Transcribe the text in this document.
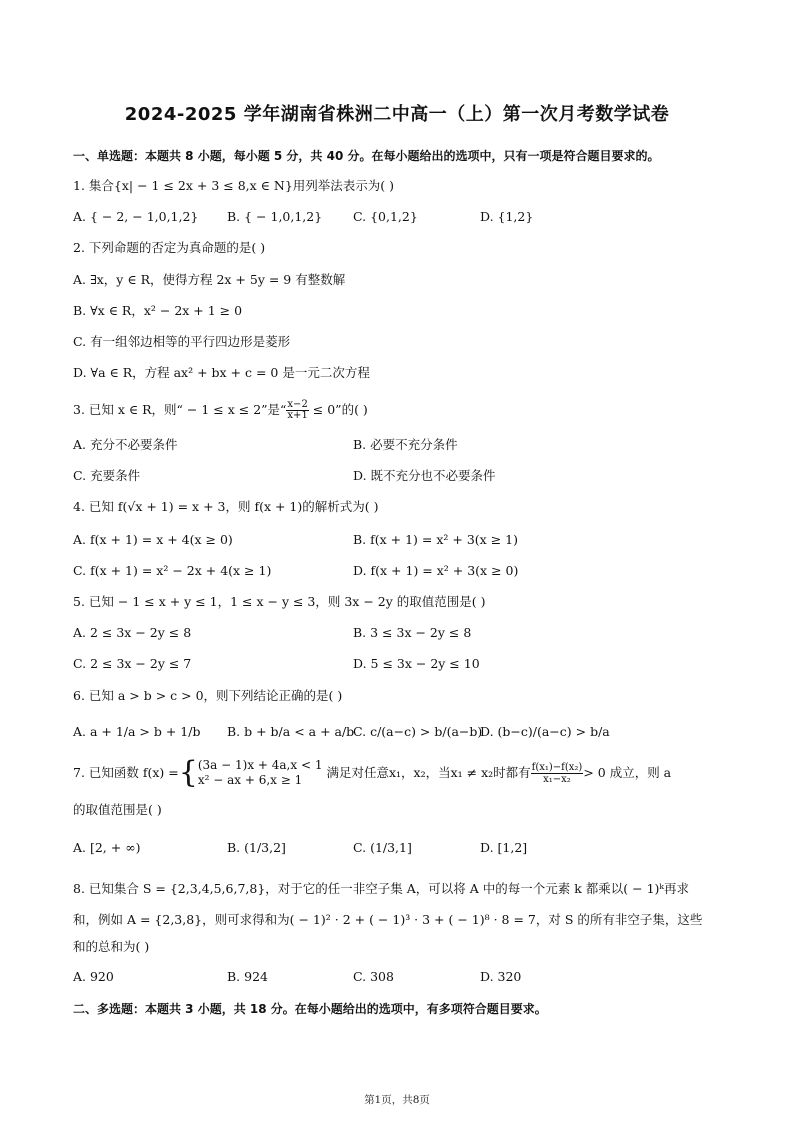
2024-2025 学年湖南省株洲二中高一（上）第一次月考数学试卷
一、单选题：本题共 8 小题，每小题 5 分，共 40 分。在每小题给出的选项中，只有一项是符合题目要求的。
1. 集合{x| − 1 ≤ 2x + 3 ≤ 8,x ∈ N}用列举法表示为( )
A. { − 2, − 1,0,1,2} B. { − 1,0,1,2} C. {0,1,2}	D. {1,2}
2. 下列命题的否定为真命题的是( )
A. ∃x，y ∈ R，使得方程 2x + 5y = 9 有整数解
B. ∀x ∈ R，x² − 2x + 1 ≥ 0
C. 有一组邻边相等的平行四边形是菱形
D. ∀a ∈ R，方程 ax² + bx + c = 0 是一元二次方程
3. 已知 x ∈ R，则“ − 1 ≤ x ≤ 2”是“ $\frac{x-2}{x+1} \le 0$”的( )
A. 充分不必要条件	B. 必要不充分条件
C. 充要条件	D. 既不充分也不必要条件
4. 已知 f(√x + 1) = x + 3，则 f(x + 1)的解析式为( )
A. f(x + 1) = x + 4(x ≥ 0)	B. f(x + 1) = x² + 3(x ≥ 1)
C. f(x + 1) = x² − 2x + 4(x ≥ 1)	D. f(x + 1) = x² + 3(x ≥ 0)
5. 已知 − 1 ≤ x + y ≤ 1，1 ≤ x − y ≤ 3，则 3x − 2y 的取值范围是( )
A. 2 ≤ 3x − 2y ≤ 8	B. 3 ≤ 3x − 2y ≤ 8
C. 2 ≤ 3x − 2y ≤ 7	D. 5 ≤ 3x − 2y ≤ 10
6. 已知 a > b > c > 0，则下列结论正确的是( )
A. a + 1/a > b + 1/b B. b + b/a < a + a/b
C. c/(a−c) > b/(a−b)
D. (b−c)/(a−c) > b/a
7. 已知函数 f(x) ={ (3a − 1)x + 4a,x < 1
x² − ax + 6,x ≥ 1	满足对任意x₁，x₂，当x₁ ≠ x₂时都有 $\frac{\text{f(x₁)−f(x₂)}}{\text{x₁−x₂}} > 0$ 成立，则 a
的取值范围是( )
A. [2, + ∞)	B. (1/3,2]	C. (1/3,1]	D. [1,2]
8. 已知集合 S = {2,3,4,5,6,7,8}，对于它的任一非空子集 A，可以将 A 中的每一个元素 k 都乘以( − 1)ᵏ再求
和，例如 A = {2,3,8}，则可求得和为( − 1)² · 2 + ( − 1)³ · 3 + ( − 1)⁸ · 8 = 7，对 S 的所有非空子集，这些
和的总和为( )
A. 920	B. 924	C. 308	D. 320
二、多选题：本题共 3 小题，共 18 分。在每小题给出的选项中，有多项符合题目要求。
第1页，共8页
